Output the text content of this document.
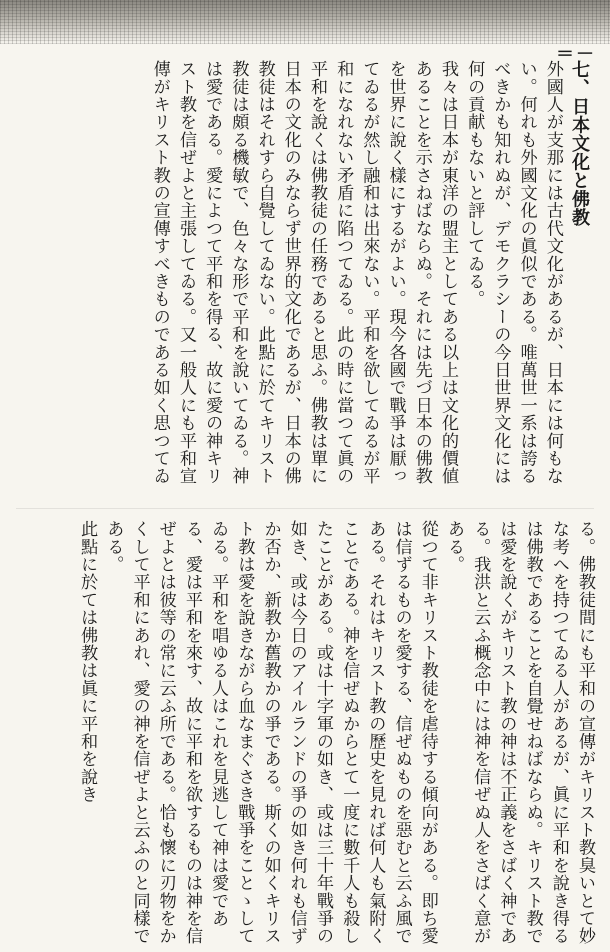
＝－
七、日本文化と佛教

外國人が支那には古代文化があるが、日本には何もない。何れも外國文化の眞似である。唯萬世一系は誇るべきかも知れぬが、デモクラシーの今日世界文化には何の貢献もないと評してゐる。

我々は日本が東洋の盟主としてある以上は文化的價値あることを示さねばならぬ。それには先づ日本の佛教を世界に說く樣にするがよい。現今各國で戰爭は厭ってゐるが然し融和は出來ない。平和を欲してゐるが平和になれない矛盾に陷つてゐる。此の時に當つて眞の平和を說くは佛教徒の任務であると思ふ。佛教は單に日本の文化のみならず世界的文化であるが、日本の佛教徒はそれすら自覺してゐない。此點に於てキリスト教徒は頗る機敏で、色々な形で平和を說いてゐる。神は愛である。愛によつて平和を得る、故に愛の神キリスト教を信ぜよと主張してゐる。又一般人にも平和宣傳がキリスト教の宣傳すべきものである如く思つてゐ

る。佛教徒間にも平和の宣傳がキリスト教臭いとて妙な考へを持つてゐる人があるが、眞に平和を說き得るは佛教であることを自覺せねばならぬ。キリスト教では愛を說くがキリスト教の神は不正義をさばく神である。我洪と云ふ概念中には神を信ぜぬ人をさばく意がある。

從つて非キリスト教徒を虐待する傾向がある。即ち愛は信ずるものを愛する、信ぜぬものを惡むと云ふ風である。それはキリスト教の歷史を見れば何人も氣附くことである。神を信ぜぬからとて一度に數千人も殺したことがある。或は十字軍の如き、或は三十年戰爭の如き、或は今日のアイルランドの爭の如き何れも信ずか否か、新教か舊教かの爭である。斯くの如くキリスト教は愛を說きながら血なまぐさき戰爭をことゝしてゐる。平和を唱ゆる人はこれを見逃して神は愛である、愛は平和を來す、故に平和を欲するものは神を信ぜよとは彼等の常に云ふ所である。恰も懷に刃物をかくして平和にあれ、愛の神を信ぜよと云ふのと同樣である。

此點に於ては佛教は眞に平和を說き
